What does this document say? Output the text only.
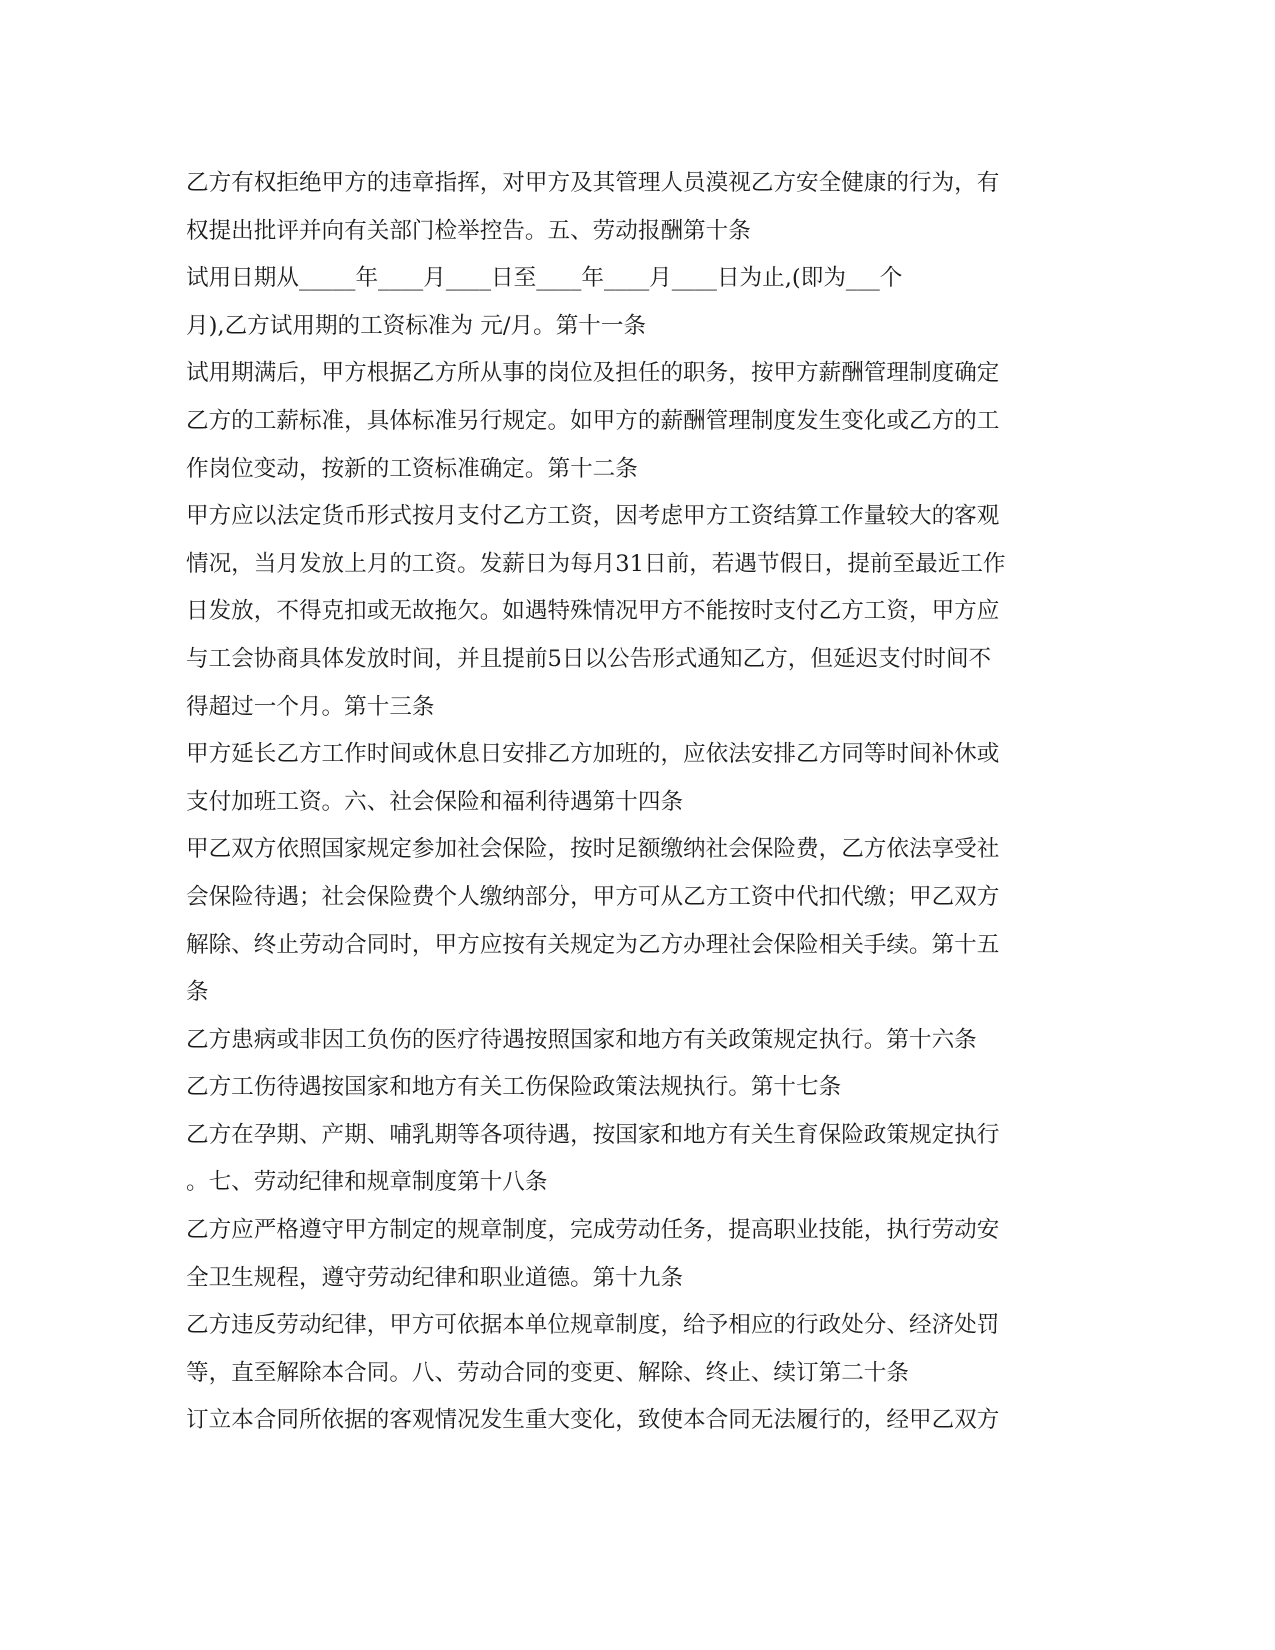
乙方有权拒绝甲方的违章指挥，对甲方及其管理人员漠视乙方安全健康的行为，有
权提出批评并向有关部门检举控告。五、劳动报酬第十条
试用日期从_____年____月____日至____年____月____日为止,(即为___个
月),乙方试用期的工资标准为 元/月。第十一条
试用期满后，甲方根据乙方所从事的岗位及担任的职务，按甲方薪酬管理制度确定
乙方的工薪标准，具体标准另行规定。如甲方的薪酬管理制度发生变化或乙方的工
作岗位变动，按新的工资标准确定。第十二条
甲方应以法定货币形式按月支付乙方工资，因考虑甲方工资结算工作量较大的客观
情况，当月发放上月的工资。发薪日为每月31日前，若遇节假日，提前至最近工作
日发放，不得克扣或无故拖欠。如遇特殊情况甲方不能按时支付乙方工资，甲方应
与工会协商具体发放时间，并且提前5日以公告形式通知乙方，但延迟支付时间不
得超过一个月。第十三条
甲方延长乙方工作时间或休息日安排乙方加班的，应依法安排乙方同等时间补休或
支付加班工资。六、社会保险和福利待遇第十四条
甲乙双方依照国家规定参加社会保险，按时足额缴纳社会保险费，乙方依法享受社
会保险待遇；社会保险费个人缴纳部分，甲方可从乙方工资中代扣代缴；甲乙双方
解除、终止劳动合同时，甲方应按有关规定为乙方办理社会保险相关手续。第十五
条
乙方患病或非因工负伤的医疗待遇按照国家和地方有关政策规定执行。第十六条
乙方工伤待遇按国家和地方有关工伤保险政策法规执行。第十七条
乙方在孕期、产期、哺乳期等各项待遇，按国家和地方有关生育保险政策规定执行
。七、劳动纪律和规章制度第十八条
乙方应严格遵守甲方制定的规章制度，完成劳动任务，提高职业技能，执行劳动安
全卫生规程，遵守劳动纪律和职业道德。第十九条
乙方违反劳动纪律，甲方可依据本单位规章制度，给予相应的行政处分、经济处罚
等，直至解除本合同。八、劳动合同的变更、解除、终止、续订第二十条
订立本合同所依据的客观情况发生重大变化，致使本合同无法履行的，经甲乙双方
